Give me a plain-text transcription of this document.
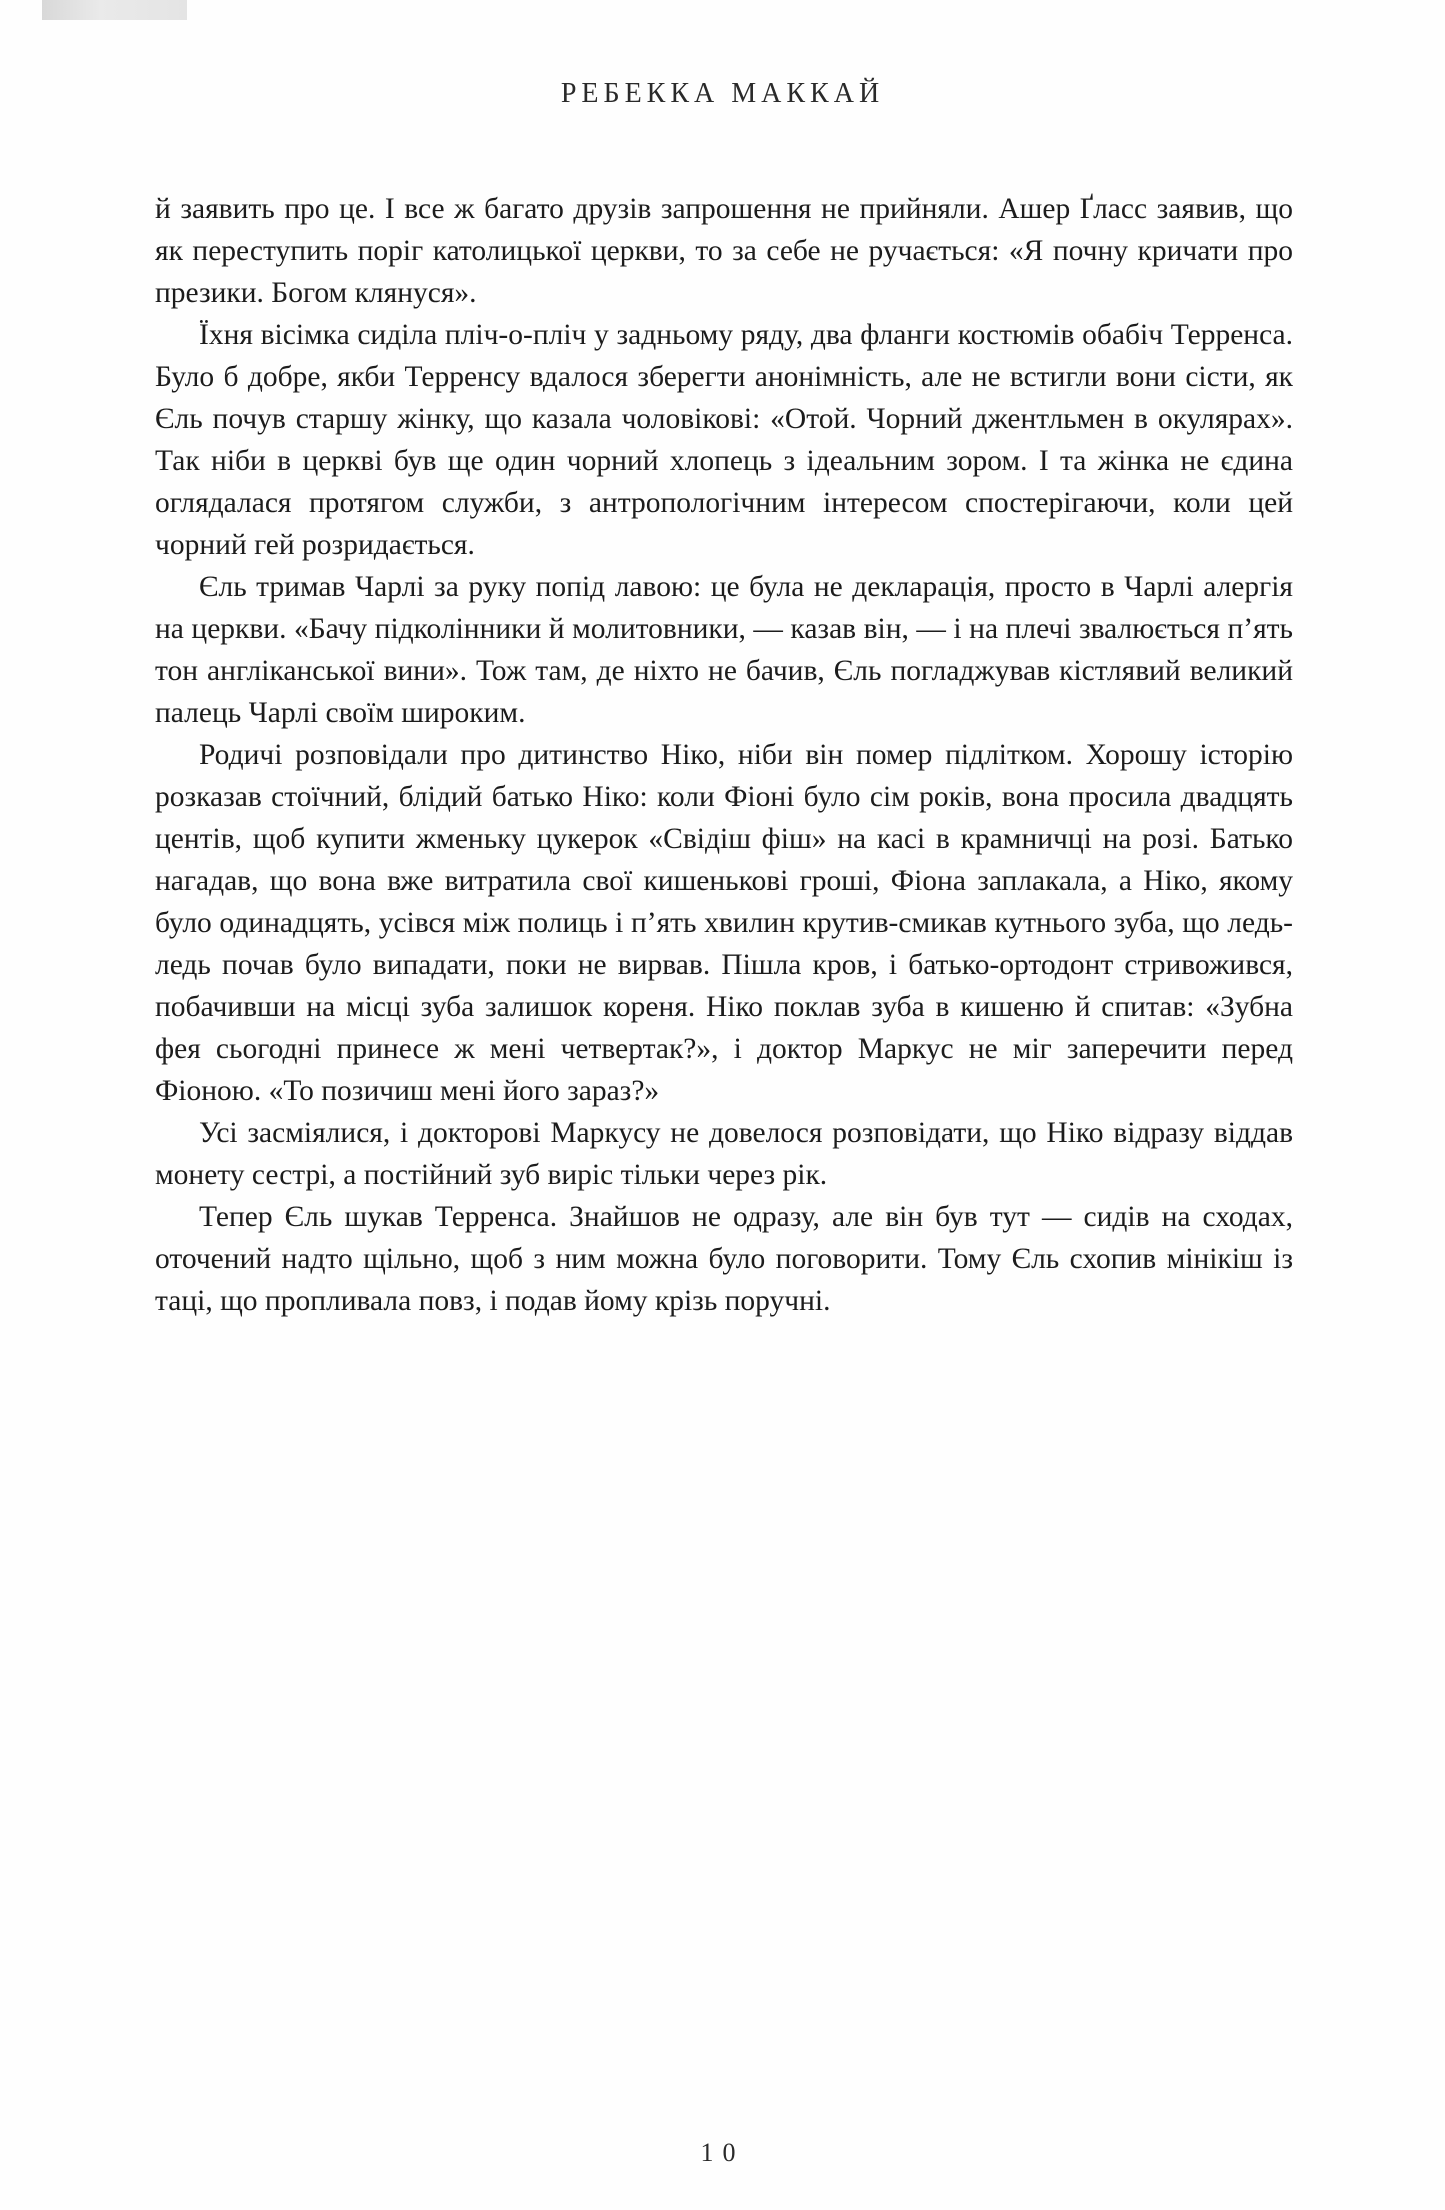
РЕБЕККА МАККАЙ

й заявить про це. І все ж багато друзів запрошення не прийняли. Ашер Ґласс заявив, що як переступить поріг католицької церкви, то за себе не ручається: «Я почну кричати про презики. Богом клянуся».

Їхня вісімка сиділа пліч-о-пліч у задньому ряду, два фланги костюмів обабіч Терренса. Було б добре, якби Терренсу вдалося зберегти анонімність, але не встигли вони сісти, як Єль почув старшу жінку, що казала чоловікові: «Отой. Чорний джентльмен в окулярах». Так ніби в церкві був ще один чорний хлопець з ідеальним зором. І та жінка не єдина оглядалася протягом служби, з антропологічним інтересом спостерігаючи, коли цей чорний гей розридається.

Єль тримав Чарлі за руку попід лавою: це була не декларація, просто в Чарлі алергія на церкви. «Бачу підколінники й молитовники, — казав він, — і на плечі звалюється п’ять тон англіканської вини». Тож там, де ніхто не бачив, Єль погладжував кістлявий великий палець Чарлі своїм широким.

Родичі розповідали про дитинство Ніко, ніби він помер підлітком. Хорошу історію розказав стоїчний, блідий батько Ніко: коли Фіоні було сім років, вона просила двадцять центів, щоб купити жменьку цукерок «Свідіш фіш» на касі в крамничці на розі. Батько нагадав, що вона вже витратила свої кишенькові гроші, Фіона заплакала, а Ніко, якому було одинадцять, усівся між полиць і п’ять хвилин крутив-смикав кутнього зуба, що ледь-ледь почав було випадати, поки не вирвав. Пішла кров, і батько-ортодонт стривожився, побачивши на місці зуба залишок кореня. Ніко поклав зуба в кишеню й спитав: «Зубна фея сьогодні принесе ж мені четвертак?», і доктор Маркус не міг заперечити перед Фіоною. «То позичиш мені його зараз?»

Усі засміялися, і докторові Маркусу не довелося розповідати, що Ніко відразу віддав монету сестрі, а постійний зуб виріс тільки через рік.

Тепер Єль шукав Терренса. Знайшов не одразу, але він був тут — сидів на сходах, оточений надто щільно, щоб з ним можна було поговорити. Тому Єль схопив мінікіш із таці, що пропливала повз, і подав йому крізь поручні.

10
